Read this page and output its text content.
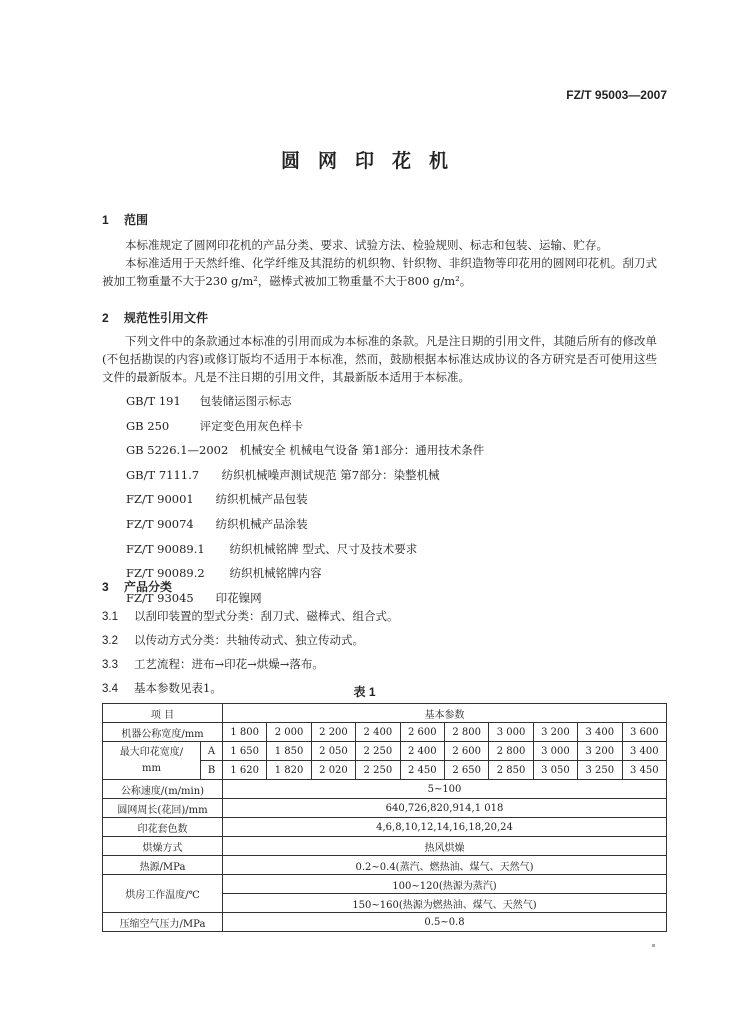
FZ/T 95003—2007
圆网印花机
1 范围

本标准规定了圆网印花机的产品分类、要求、试验方法、检验规则、标志和包装、运输、贮存。

本标准适用于天然纤维、化学纤维及其混纺的机织物、针织物、非织造物等印花用的圆网印花机。刮刀式被加工物重量不大于230 g/m²，磁棒式被加工物重量不大于800 g/m²。

2 规范性引用文件

下列文件中的条款通过本标准的引用而成为本标准的条款。凡是注日期的引用文件，其随后所有的修改单(不包括勘误的内容)或修订版均不适用于本标准，然而，鼓励根据本标准达成协议的各方研究是否可使用这些文件的最新版本。凡是不注日期的引用文件，其最新版本适用于本标准。

GB/T 191 包装储运图示标志
GB 250	评定变色用灰色样卡
GB 5226.1—2002 机械安全 机械电气设备 第1部分：通用技术条件
GB/T 7111.7 纺织机械噪声测试规范 第7部分：染整机械
FZ/T 90001 纺织机械产品包装
FZ/T 90074 纺织机械产品涂装
FZ/T 90089.1 纺织机械铭牌 型式、尺寸及技术要求
FZ/T 90089.2 纺织机械铭牌内容
FZ/T 93045 印花镍网
3 产品分类
3.1 以刮印装置的型式分类：刮刀式、磁棒式、组合式。
3.2 以传动方式分类：共轴传动式、独立传动式。
3.3 工艺流程：进布→印花→烘燥→落布。
3.4 基本参数见表1。	表 1
项 目		基本参数									
机器公称宽度/mm		1 800	2 000	2 200	2 400	2 600	2 800	3 000	3 200	3 400	3 600
最大印花宽度/
mm	A	1 650	1 850	2 050	2 250	2 400	2 600	2 800	3 000	3 200	3 400
	B	1 620	1 820	2 020	2 250	2 450	2 650	2 850	3 050	3 250	3 450
公称速度/(m/min)		5~100									
圆网周长(花回)/mm		640,726,820,914,1 018									
印花套色数		4,6,8,10,12,14,16,18,20,24									
烘燥方式		热风烘燥									
热源/MPa		0.2~0.4(蒸汽、燃热油、煤气、天然气)									
烘房工作温度/℃		100~120(热源为蒸汽)									
		150~160(热源为燃热油、煤气、天然气)									
压缩空气压力/MPa		0.5~0.8									
